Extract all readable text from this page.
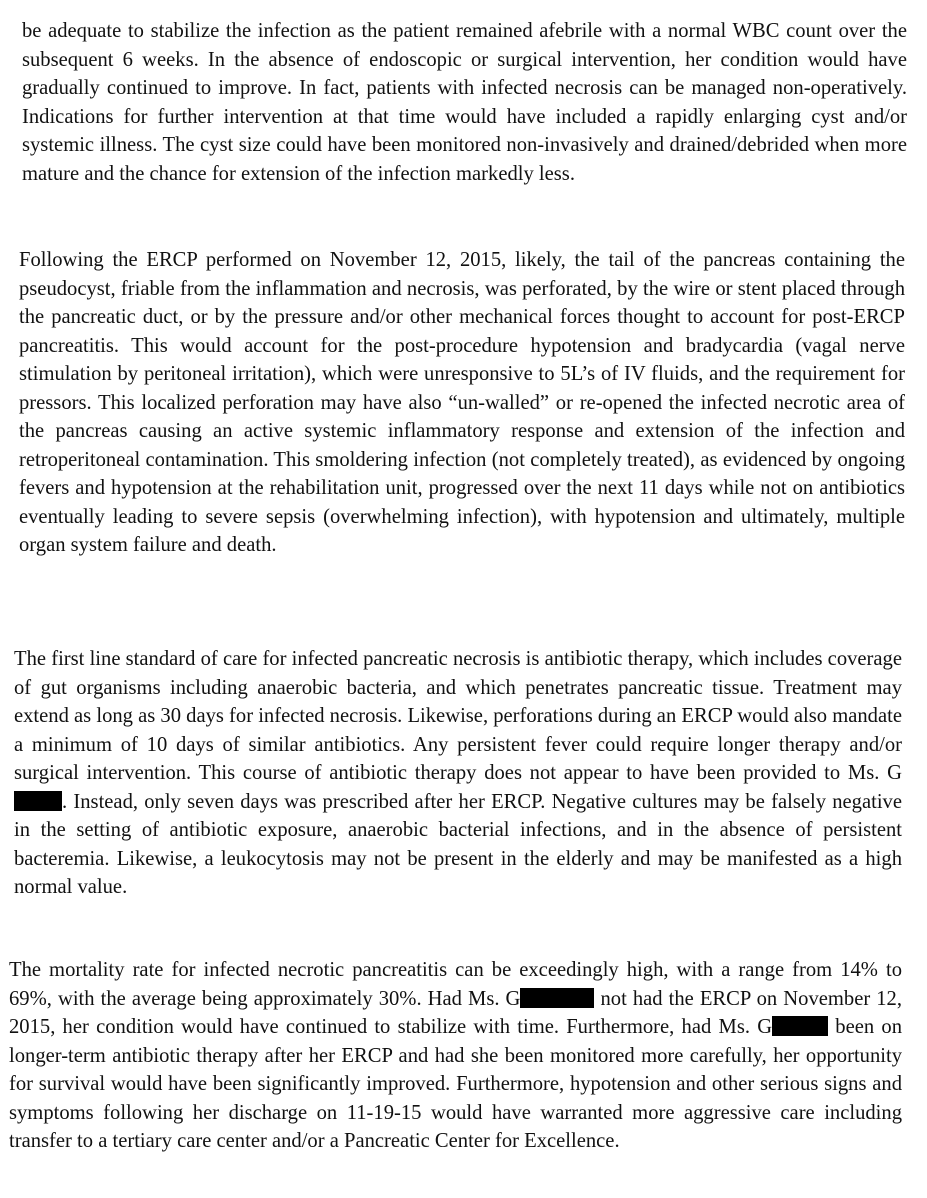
be adequate to stabilize the infection as the patient remained afebrile with a normal WBC count over the subsequent 6 weeks. In the absence of endoscopic or surgical intervention, her condition would have gradually continued to improve. In fact, patients with infected necrosis can be managed non-operatively. Indications for further intervention at that time would have included a rapidly enlarging cyst and/or systemic illness. The cyst size could have been monitored non-invasively and drained/debrided when more mature and the chance for extension of the infection markedly less.

Following the ERCP performed on November 12, 2015, likely, the tail of the pancreas containing the pseudocyst, friable from the inflammation and necrosis, was perforated, by the wire or stent placed through the pancreatic duct, or by the pressure and/or other mechanical forces thought to account for post-ERCP pancreatitis. This would account for the post-procedure hypotension and bradycardia (vagal nerve stimulation by peritoneal irritation), which were unresponsive to 5L’s of IV fluids, and the requirement for pressors. This localized perforation may have also “un-walled” or re-opened the infected necrotic area of the pancreas causing an active systemic inflammatory response and extension of the infection and retroperitoneal contamination. This smoldering infection (not completely treated), as evidenced by ongoing fevers and hypotension at the rehabilitation unit, progressed over the next 11 days while not on antibiotics eventually leading to severe sepsis (overwhelming infection), with hypotension and ultimately, multiple organ system failure and death.

The first line standard of care for infected pancreatic necrosis is antibiotic therapy, which includes coverage of gut organisms including anaerobic bacteria, and which penetrates pancreatic tissue. Treatment may extend as long as 30 days for infected necrosis. Likewise, perforations during an ERCP would also mandate a minimum of 10 days of similar antibiotics. Any persistent fever could require longer therapy and/or surgical intervention. This course of antibiotic therapy does not appear to have been provided to Ms. G. Instead, only seven days was prescribed after her ERCP. Negative cultures may be falsely negative in the setting of antibiotic exposure, anaerobic bacterial infections, and in the absence of persistent bacteremia. Likewise, a leukocytosis may not be present in the elderly and may be manifested as a high normal value.

The mortality rate for infected necrotic pancreatitis can be exceedingly high, with a range from 14% to 69%, with the average being approximately 30%. Had Ms. G	not had the ERCP on November 12, 2015, her condition would have continued to stabilize with time. Furthermore, had Ms. G	been on longer-term antibiotic therapy after her ERCP and had she been monitored more carefully, her opportunity for survival would have been significantly improved. Furthermore, hypotension and other serious signs and symptoms following her discharge on 11-19-15 would have warranted more aggressive care including transfer to a tertiary care center and/or a Pancreatic Center for Excellence.
